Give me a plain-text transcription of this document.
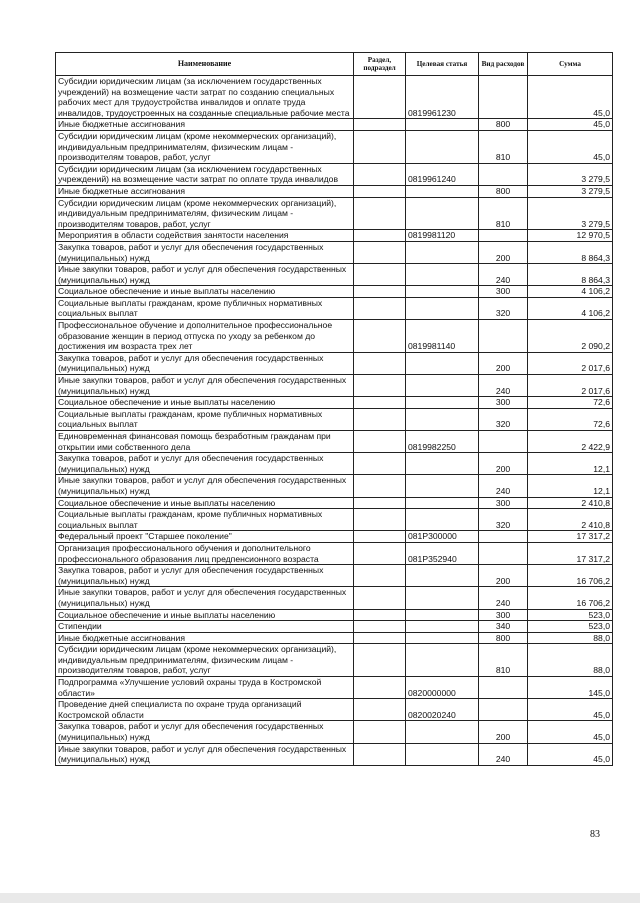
Наименование	Раздел, подраздел	Целевая статья	Вид расходов	Сумма
Субсидии юридическим лицам (за исключением государственных учреждений) на возмещение части затрат по созданию специальных рабочих мест для трудоустройства инвалидов и оплате труда инвалидов, трудоустроенных на созданные специальные рабочие места		0819961230		45,0
Иные бюджетные ассигнования			800	45,0
Субсидии юридическим лицам (кроме некоммерческих организаций), индивидуальным предпринимателям, физическим лицам - производителям товаров, работ, услуг			810	45,0
Субсидии юридическим лицам (за исключением государственных учреждений) на возмещение части затрат по оплате труда инвалидов		0819961240		3 279,5
Иные бюджетные ассигнования			800	3 279,5
Субсидии юридическим лицам (кроме некоммерческих организаций), индивидуальным предпринимателям, физическим лицам - производителям товаров, работ, услуг			810	3 279,5
Мероприятия в области содействия занятости населения		0819981120		12 970,5
Закупка товаров, работ и услуг для обеспечения государственных (муниципальных) нужд			200	8 864,3
Иные закупки товаров, работ и услуг для обеспечения государственных (муниципальных) нужд			240	8 864,3
Социальное обеспечение и иные выплаты населению			300	4 106,2
Социальные выплаты гражданам, кроме публичных нормативных социальных выплат			320	4 106,2
Профессиональное обучение и дополнительное профессиональное образование женщин в период отпуска по уходу за ребенком до достижения им возраста трех лет		0819981140		2 090,2
Закупка товаров, работ и услуг для обеспечения государственных (муниципальных) нужд			200	2 017,6
Иные закупки товаров, работ и услуг для обеспечения государственных (муниципальных) нужд			240	2 017,6
Социальное обеспечение и иные выплаты населению			300	72,6
Социальные выплаты гражданам, кроме публичных нормативных социальных выплат			320	72,6
Единовременная финансовая помощь безработным гражданам при открытии ими собственного дела		0819982250		2 422,9
Закупка товаров, работ и услуг для обеспечения государственных (муниципальных) нужд			200	12,1
Иные закупки товаров, работ и услуг для обеспечения государственных (муниципальных) нужд			240	12,1
Социальное обеспечение и иные выплаты населению			300	2 410,8
Социальные выплаты гражданам, кроме публичных нормативных социальных выплат			320	2 410,8
Федеральный проект "Старшее поколение"		081P300000		17 317,2
Организация профессионального обучения и дополнительного профессионального образования лиц предпенсионного возраста		081P352940		17 317,2
Закупка товаров, работ и услуг для обеспечения государственных (муниципальных) нужд			200	16 706,2
Иные закупки товаров, работ и услуг для обеспечения государственных (муниципальных) нужд			240	16 706,2
Социальное обеспечение и иные выплаты населению			300	523,0
Стипендии			340	523,0
Иные бюджетные ассигнования			800	88,0
Субсидии юридическим лицам (кроме некоммерческих организаций), индивидуальным предпринимателям, физическим лицам - производителям товаров, работ, услуг			810	88,0
Подпрограмма «Улучшение условий охраны труда в Костромской области»		0820000000		145,0
Проведение дней специалиста по охране труда организаций Костромской области		0820020240		45,0
Закупка товаров, работ и услуг для обеспечения государственных (муниципальных) нужд			200	45,0
Иные закупки товаров, работ и услуг для обеспечения государственных (муниципальных) нужд			240	45,0
83
